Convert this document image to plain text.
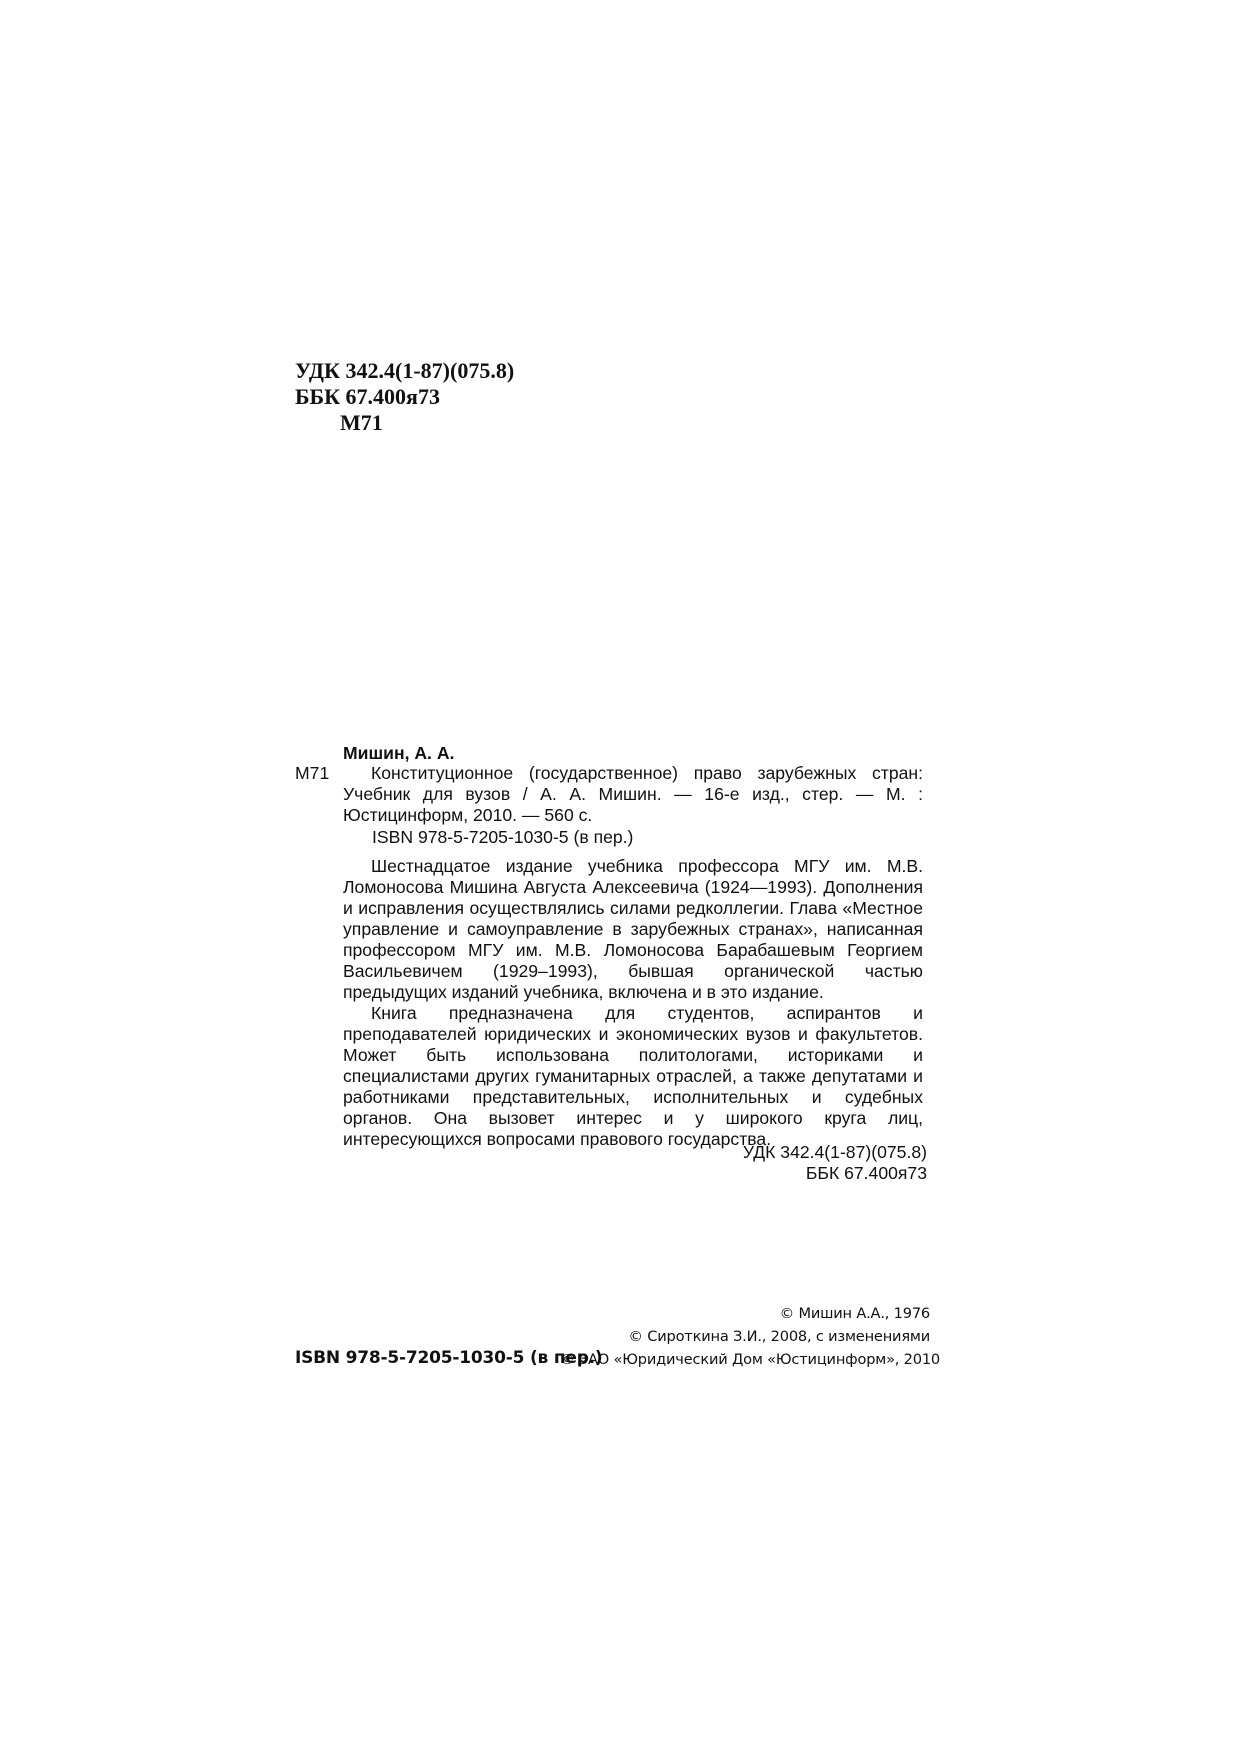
УДК 342.4(1-87)(075.8)
ББК 67.400я73
М71
Мишин, А. А.
М71	Конституционное (государственное) право зарубежных стран: Учебник для вузов / А. А. Мишин. — 16-е изд., стер. — М. : Юстицинформ, 2010. — 560 с.
ISBN 978-5-7205-1030-5 (в пер.)

Шестнадцатое издание учебника профессора МГУ им. М.В. Ломоносова Мишина Августа Алексеевича (1924—1993). Дополнения и исправления осуществлялись силами редколлегии. Глава «Местное управление и самоуправление в зарубежных странах», написанная профессором МГУ им. М.В. Ломоносова Барабашевым Георгием Васильевичем (1929–1993), бывшая органической частью предыдущих изданий учебника, включена и в это издание.

Книга предназначена для студентов, аспирантов и преподавателей юридических и экономических вузов и факультетов. Может быть использована политологами, историками и специалистами других гуманитарных отраслей, а также депутатами и работниками представительных, исполнительных и судебных органов. Она вызовет интерес и у широкого круга лиц, интересующихся вопросами правового государства.

УДК 342.4(1-87)(075.8)
ББК 67.400я73
ISBN 978-5-7205-1030-5 (в пер.)
© Мишин А.А., 1976
© Сироткина З.И., 2008, с изменениями
© ЗАО «Юридический Дом «Юстицинформ», 2010
